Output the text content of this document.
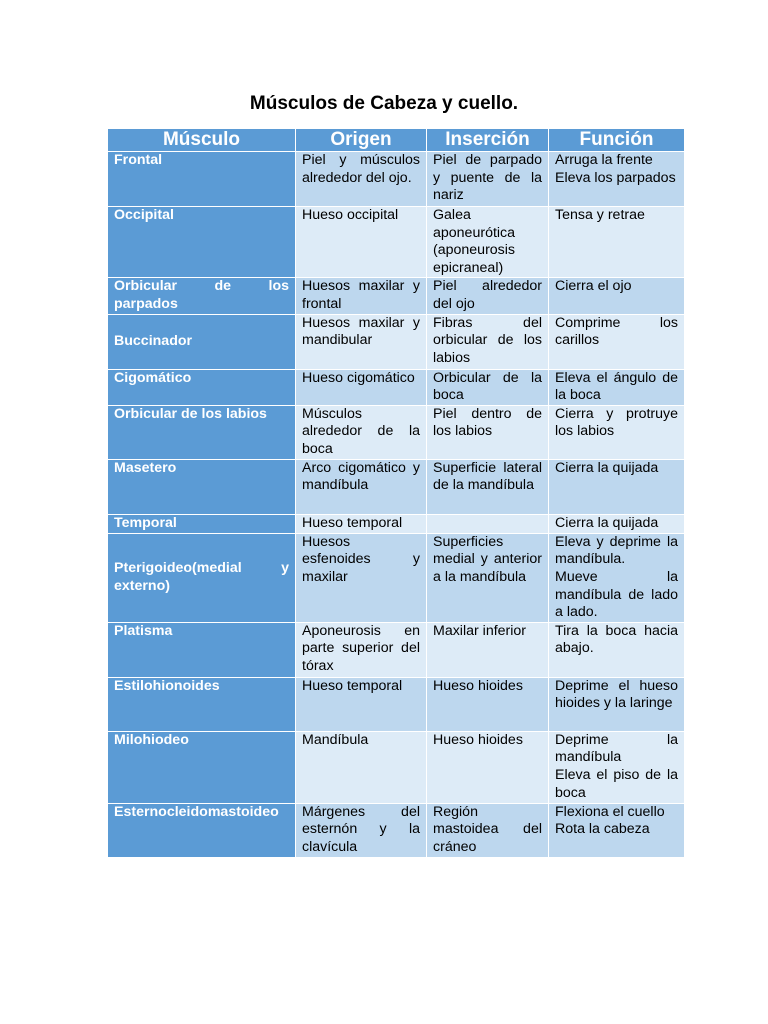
Músculos de Cabeza y cuello.
Músculo	Origen	Inserción	Función
Frontal	Piel y músculos alrededor del ojo.	Piel de parpado y puente de la nariz	Arruga la frente
Eleva los parpados

Occipital	Hueso occipital	Galea aponeurótica (aponeurosis epicraneal)	Tensa y retrae

Orbicular de los parpados	Huesos maxilar y frontal	Piel alrededor del ojo	Cierra el ojo

Buccinador	Huesos maxilar y mandibular	Fibras del orbicular de los labios	Comprime los carillos

Cigomático	Hueso cigomático	Orbicular de la boca	Eleva el ángulo de la boca

Orbicular de los labios	Músculos alrededor de la boca	Piel dentro de los labios	Cierra y protruye los labios

Masetero	Arco cigomático y mandíbula	Superficie lateral de la mandíbula	Cierra la quijada

Temporal	Hueso temporal		Cierra la quijada

Pterigoideo(medial y externo)	Huesos esfenoides y maxilar	Superficies medial y anterior a la mandíbula	Eleva y deprime la mandíbula.
Mueve la mandíbula de lado a lado.

Platisma	Aponeurosis en parte superior del tórax	Maxilar inferior	Tira la boca hacia abajo.

Estilohionoides	Hueso temporal	Hueso hioides	Deprime el hueso hioides y la laringe

Milohiodeo	Mandíbula	Hueso hioides	Deprime la mandíbula
Eleva el piso de la boca

Esternocleidomastoideo	Márgenes del esternón y la clavícula	Región mastoidea del cráneo	Flexiona el cuello
Rota la cabeza
